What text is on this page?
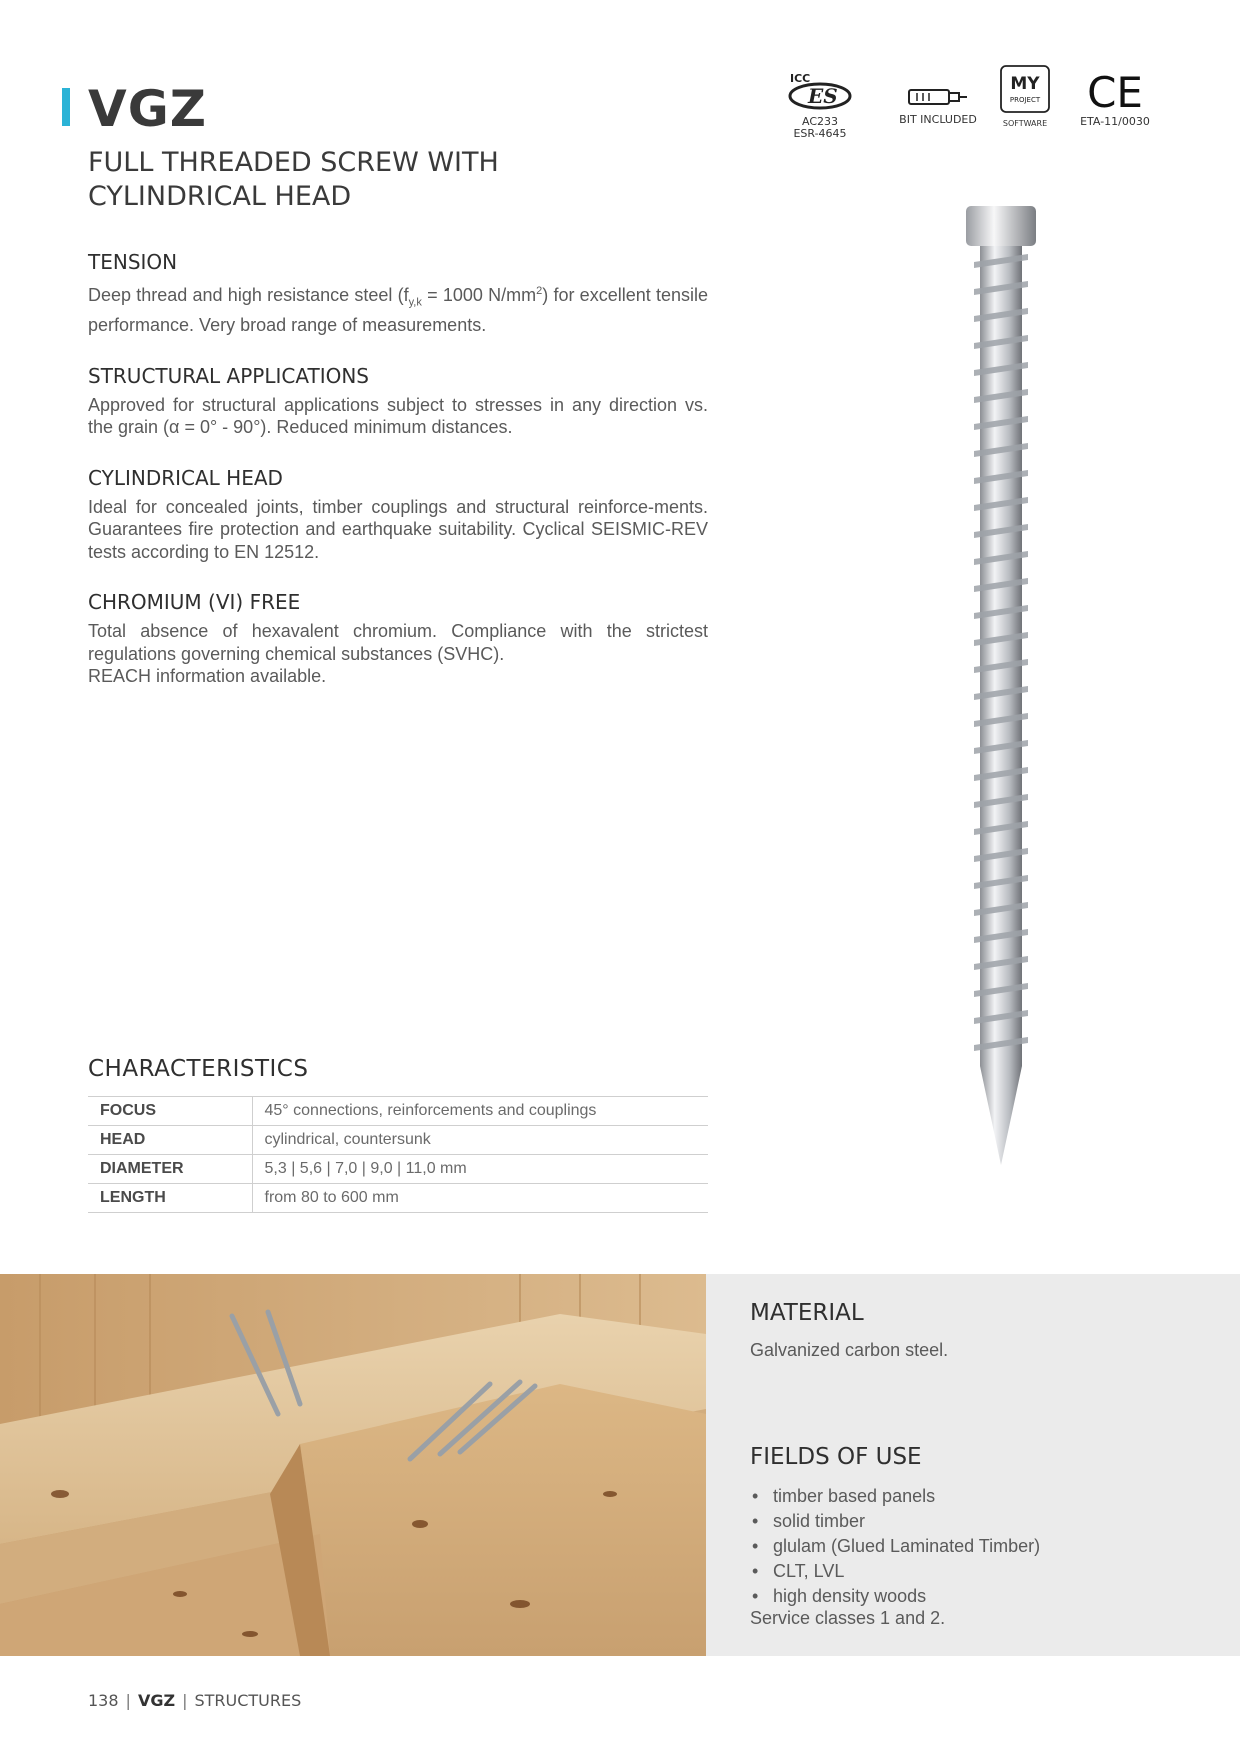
VGZ
FULL THREADED SCREW WITH
CYLINDRICAL HEAD
ICC
ES
AC233
ESR-4645
BIT INCLUDED
MY
PROJECT
SOFTWARE
CE
ETA-11/0030
TENSION

Deep thread and high resistance steel ($f_{y,k} = 1000$ $N/mm^2$) for excellent tensile performance. Very broad range of measurements.

STRUCTURAL APPLICATIONS

Approved for structural applications subject to stresses in any direction vs. the grain (α = 0° - 90°). Reduced minimum distances.

CYLINDRICAL HEAD

Ideal for concealed joints, timber couplings and structural reinforce-ments. Guarantees fire protection and earthquake suitability. Cyclical SEISMIC-REV tests according to EN 12512.

CHROMIUM (VI) FREE

Total absence of hexavalent chromium. Compliance with the strictest regulations governing chemical substances (SVHC).
REACH information available.

CHARACTERISTICS
FOCUS	45° connections, reinforcements and couplings
HEAD	cylindrical, countersunk
DIAMETER	5,3 | 5,6 | 7,0 | 9,0 | 11,0 mm
LENGTH	from 80 to 600 mm
MATERIAL
Galvanized carbon steel.
FIELDS OF USE
• timber based panels
• solid timber
• glulam (Glued Laminated Timber)
• CLT, LVL
• high density woods
Service classes 1 and 2.
138 | VGZ | STRUCTURES
